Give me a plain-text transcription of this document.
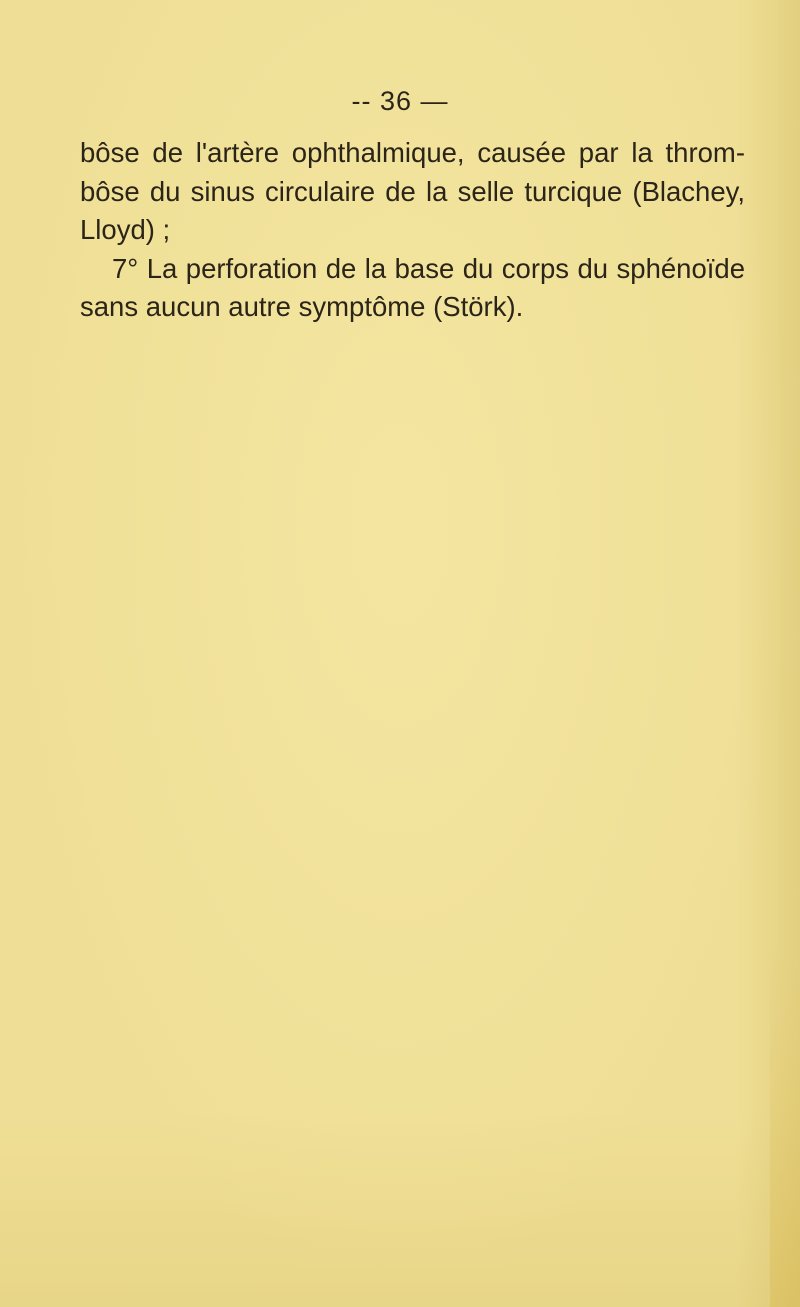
-- 36 —
bôse de l'artère ophthalmique, causée par la throm-
bôse du sinus circulaire de la selle turcique (Blachey,
Lloyd) ;
7° La perforation de la base du corps du sphénoïde
sans aucun autre symptôme (Störk).
